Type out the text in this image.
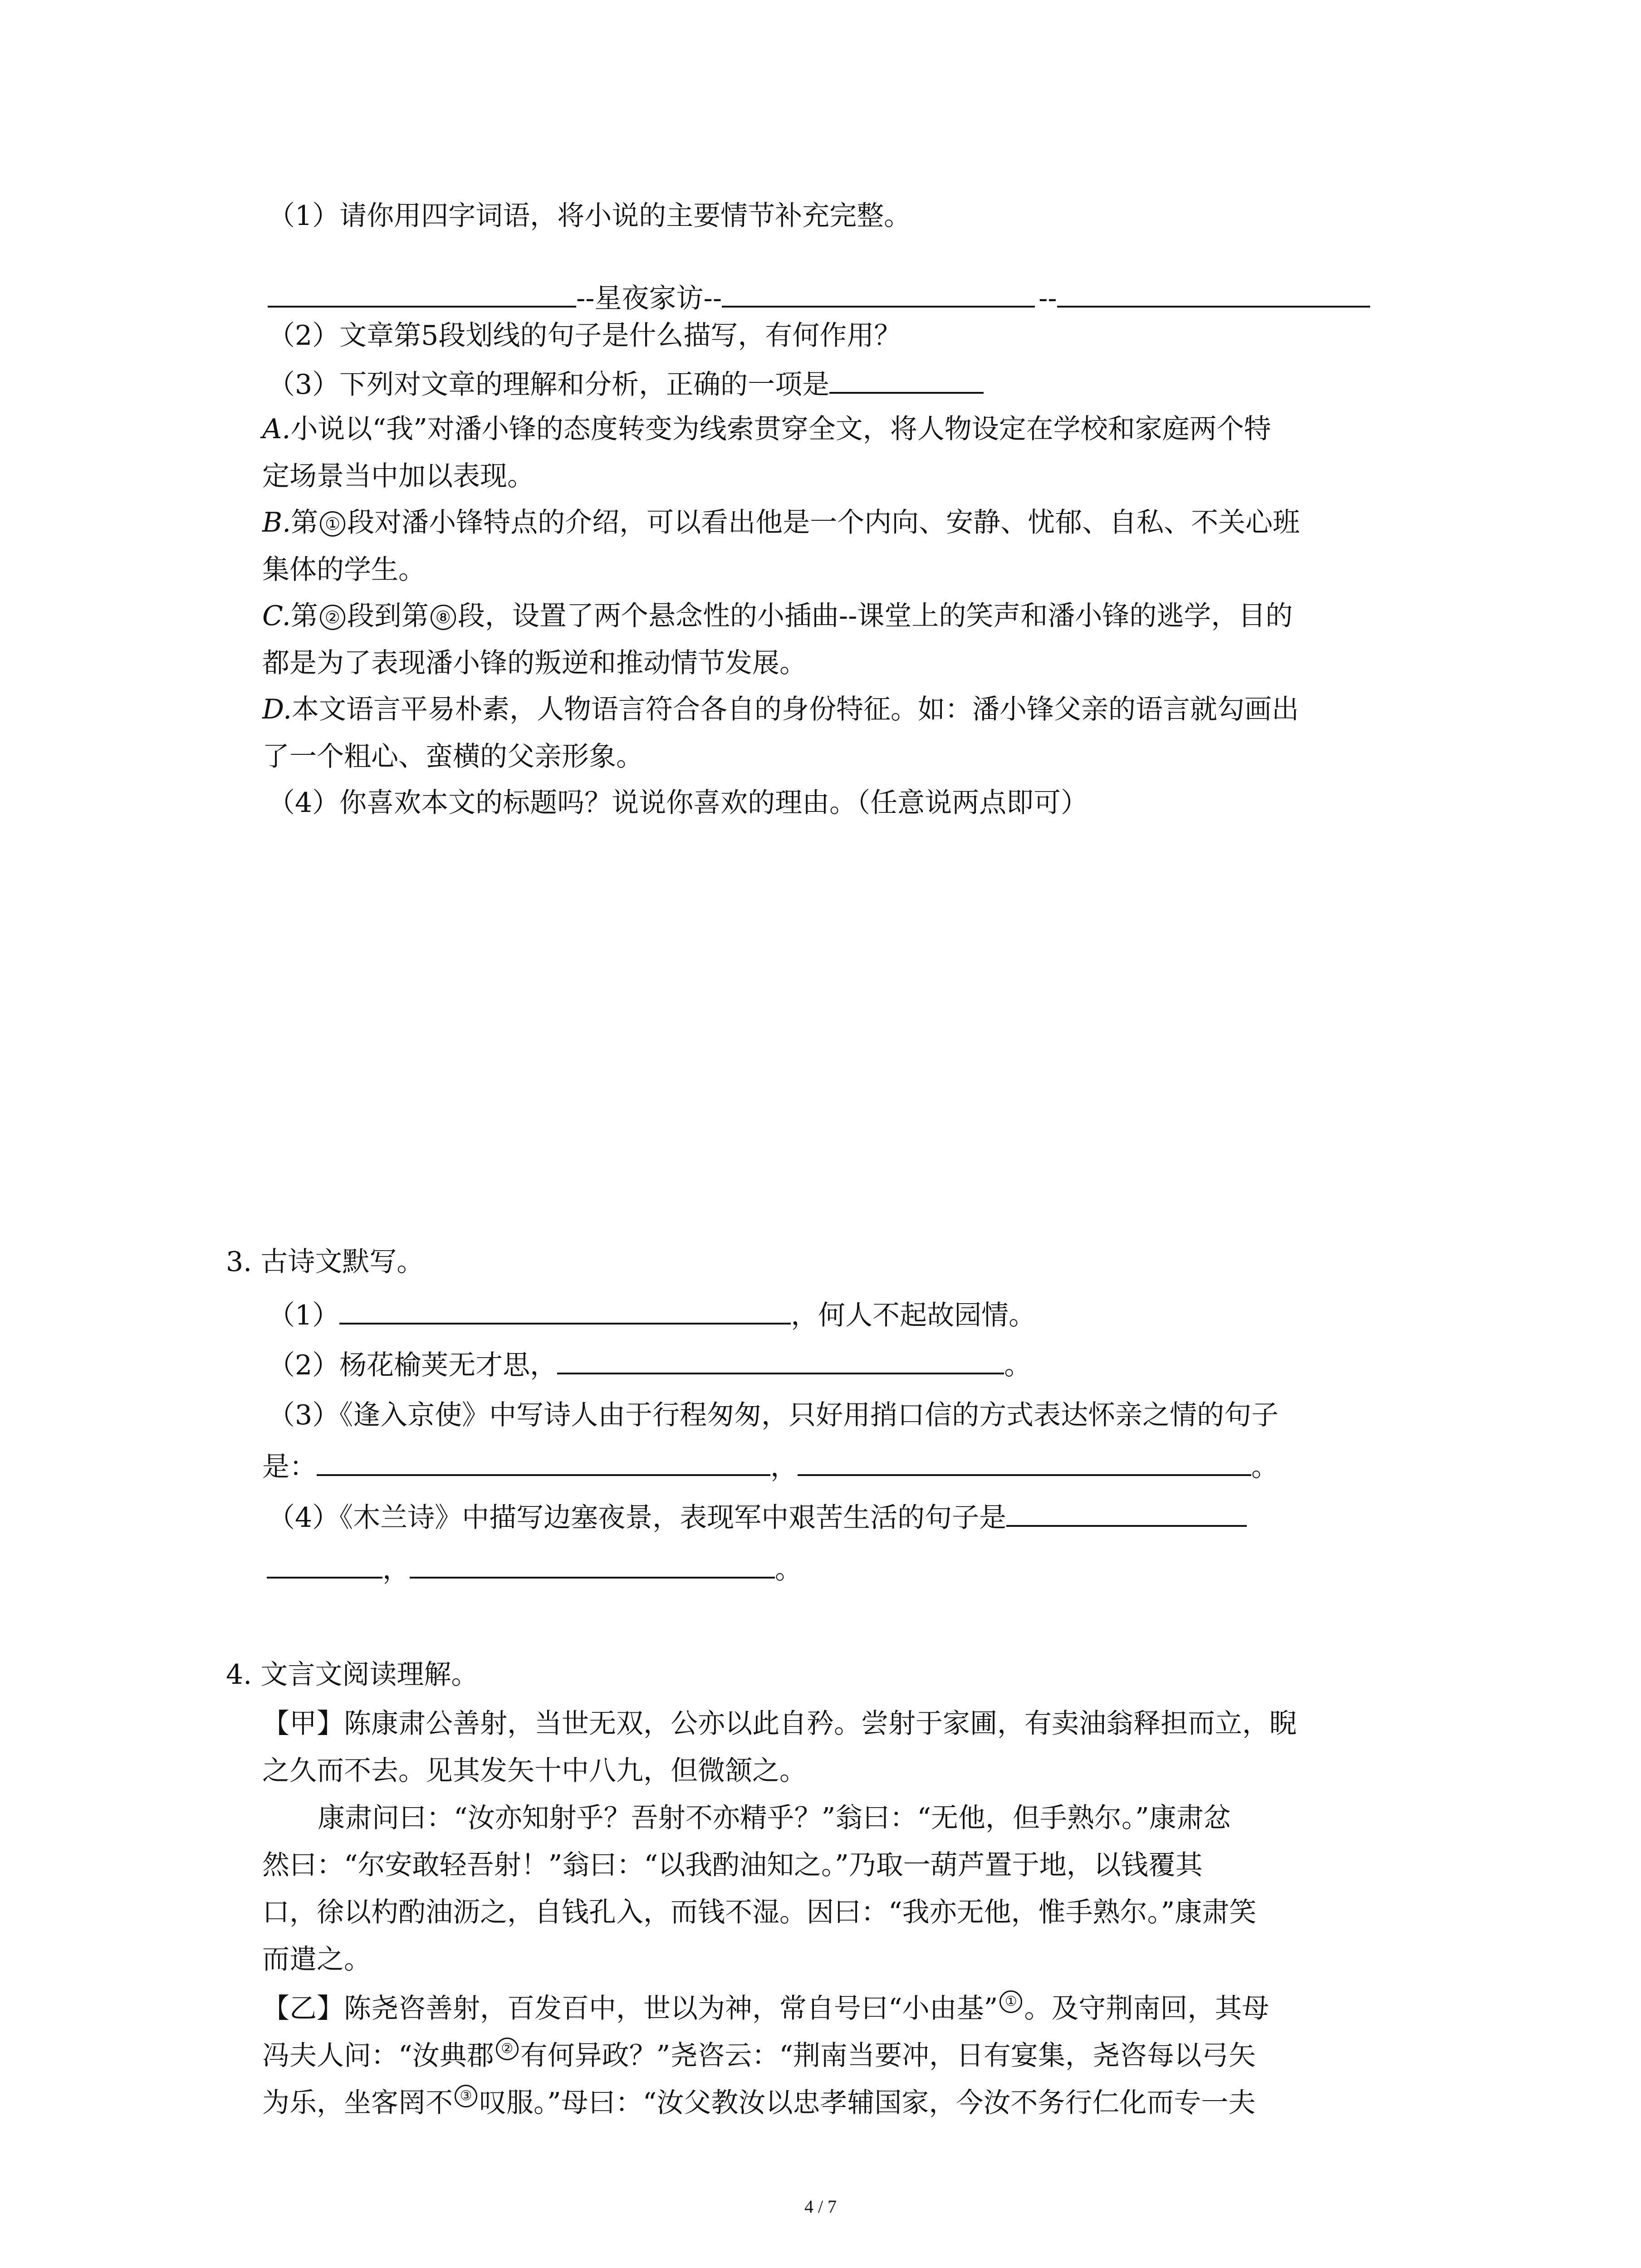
（1）请你用四字词语，将小说的主要情节补充完整。
--星夜家访--	--
（2）文章第5段划线的句子是什么描写，有何作用？
（3）下列对文章的理解和分析，正确的一项是
A.小说以“我”对潘小锋的态度转变为线索贯穿全文，将人物设定在学校和家庭两个特
定场景当中加以表现。
B.第 ① 段对潘小锋特点的介绍，可以看出他是一个内向、安静、忧郁、自私、不关心班
集体的学生。
C.第 ② 段到第 ⑧ 段，设置了两个悬念性的小插曲--课堂上的笑声和潘小锋的逃学，目的
都是为了表现潘小锋的叛逆和推动情节发展。
D.本文语言平易朴素，人物语言符合各自的身份特征。如：潘小锋父亲的语言就勾画出
了一个粗心、蛮横的父亲形象。
（4）你喜欢本文的标题吗？说说你喜欢的理由。（任意说两点即可）
3. 古诗文默写。
（1）	，何人不起故园情。
（2）杨花榆荚无才思，	。
（3）《逢入京使》中写诗人由于行程匆匆，只好用捎口信的方式表达怀亲之情的句子
是：	，	。
（4）《木兰诗》中描写边塞夜景，表现军中艰苦生活的句子是
，	。
4. 文言文阅读理解。
【甲】陈康肃公善射，当世无双，公亦以此自矜。尝射于家圃，有卖油翁释担而立，睨
之久而不去。见其发矢十中八九，但微颔之。
康肃问曰：“汝亦知射乎？吾射不亦精乎？”翁曰：“无他，但手熟尔。”康肃忿
然曰：“尔安敢轻吾射！”翁曰：“以我酌油知之。”乃取一葫芦置于地，以钱覆其
口，徐以杓酌油沥之，自钱孔入，而钱不湿。因曰：“我亦无他，惟手熟尔。”康肃笑
而遣之。
【乙】陈尧咨善射，百发百中，世以为神，常自号曰“小由基” ① 。及守荆南回，其母
冯夫人问：“汝典郡 ② 有何异政？”尧咨云：“荆南当要冲，日有宴集，尧咨每以弓矢
为乐，坐客罔不 ③ 叹服。”母曰：“汝父教汝以忠孝辅国家，今汝不务行仁化而专一夫
4 / 7
